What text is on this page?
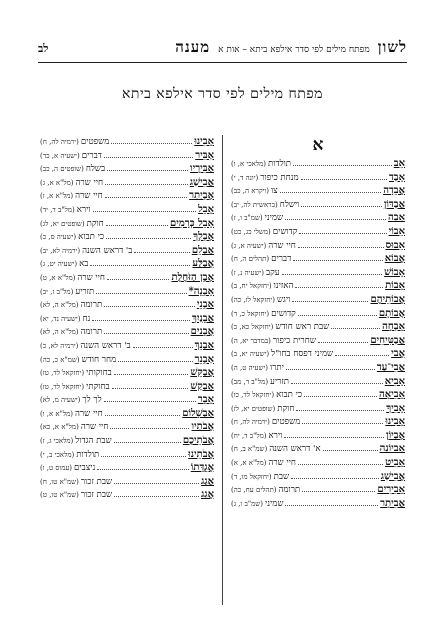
לשון
מפתח מילים לפי סדר אילפא ביתא – אות א
מענה
לב
מפתח מילים לפי סדר אילפא ביתא
א
אֵב
תולדות
(מלאכי א, ו)
אָבַד
מנחת כיפור
(יונה ד, י)
אֲבֵדָה
צו
(ויקרא ה, כב)
אֲבַדּוֹן
וישלח
(בראשית לה, יב)
אָבָה
שמיני
(שמ"ב ו, ז)
אֵבוֹי
קדושים
(משלי כג, כט)
אֵבוּס
חיי שרה
(ישעיה א, ג)
אֲבוֹא
דברים
(תהלים ה, ח)
אָבוֹשׁ
עקב
(ישעיה נ, ז)
אָבוֹת
האזינו
(יחזקאל יח, ב)
אֲבוֹתֵיהֶם
ויגש
(יחזקאל לז, כה)
אֲבוֹתָם
קדושים
(יחזקאל כ, ד)
אָבְחָה
שבת ראש חודש
(יחזקאל כא, כ)
אֲבַטִּיחִים
שחרית כיפור
(במדבר יא, ה)
אֲבִי
שמיני דפסח בחו"ל
(ישעיה יא, ב)
אֲבִי־עַד
יתרו
(ישעיה ט, ה)
אָבִיא
תזריע
(מל"ב ד, מב)
אָבִיאָה
כי תבוא
(יחזקאל לד, כו)
אָבִיךָ
חוקת
(שופטים יא, לז)
אָבִינוּ
משפטים
(ירמיה לה, ח)
אֶבְיוֹן
וירא
(מל"ב ד, יח)
אָבִיוֹנָה
א' דראש השנה
(שמ"א ב, ח)
אָבִיט
חיי שרה
(מל"א א, א)
אֲבִישַׁג
שבת
(יחזקאל מו, ד)
אָבִירִים
תרומה
(תהלים עח, כה)
אֲבִיתָר
שמיני
(שמ"ב ו, ג)
אָבִינוּ
משפטים
(ירמיה לה, ח)
אַבִּיר
דברים
(ישעיה א, כד)
אַבִּירָיו
בשלח
(שופטים ה, כב)
אֲבִישַׁג
חיי שרה
(מל"א א, ג)
אֶבְיָתָר
חיי שרה
(מל"א א, ז)
אָבֵל
וירא
(מל"ב ד, יד)
אָבֵל כְּרָמִים
חוקת
(שופטים יא, לג)
אֶבְלְךָ
כי תבוא
(ישעיה ס, כ)
אֶבְלֵם
ב' דראש השנה
(ירמיה לא, יב)
אֲבַלַּע
בא
(ישעיה יט, ג)
אֶבֶן הַזֹּחֶלֶת
חיי שרה
(מל"א א, ט)
אָבְנָה*
תזריע
(מל"ב ז, יב)
אַבְנֵי
תרומה
(מל"א ה, לא)
אֲבָנַיִךְ
נח
(ישעיה נד, יא)
אֲבָנִים
תרומה
(מל"א ה, לא)
אַבְנֵךְ
ב' דראש השנה
(ירמיה לא, כ)
אַבְנֵר
מחר חודש
(שמ"א כ, כה)
אֲבַקֵּשׁ
בחוקותי
(יחזקאל לד, טז)
אֶבְקַשׁ
בחוקתי
(יחזקאל לד, טז)
אָבָר
לך לך
(ישעיה מ, לא)
אַבְשָׁלוֹם
חיי שרה
(מל"א א, ו)
אֲבֹתָיו
חיי שרה
(מל"א א, כא)
אֲבֹתֵיכֶם
שבת הגדול
(מלאכי ג, ז)
אֲבֹתֵינוּ
תולדות
(מלאכי ב, י)
אֲגֻדָּתוֹ
ניצבים
(עמוס ט, ו)
אֲגַג
שבת זכור
(שמ"א טו, ח)
אֲגָג
שבת זכור
(שמ"א טו, ט)
